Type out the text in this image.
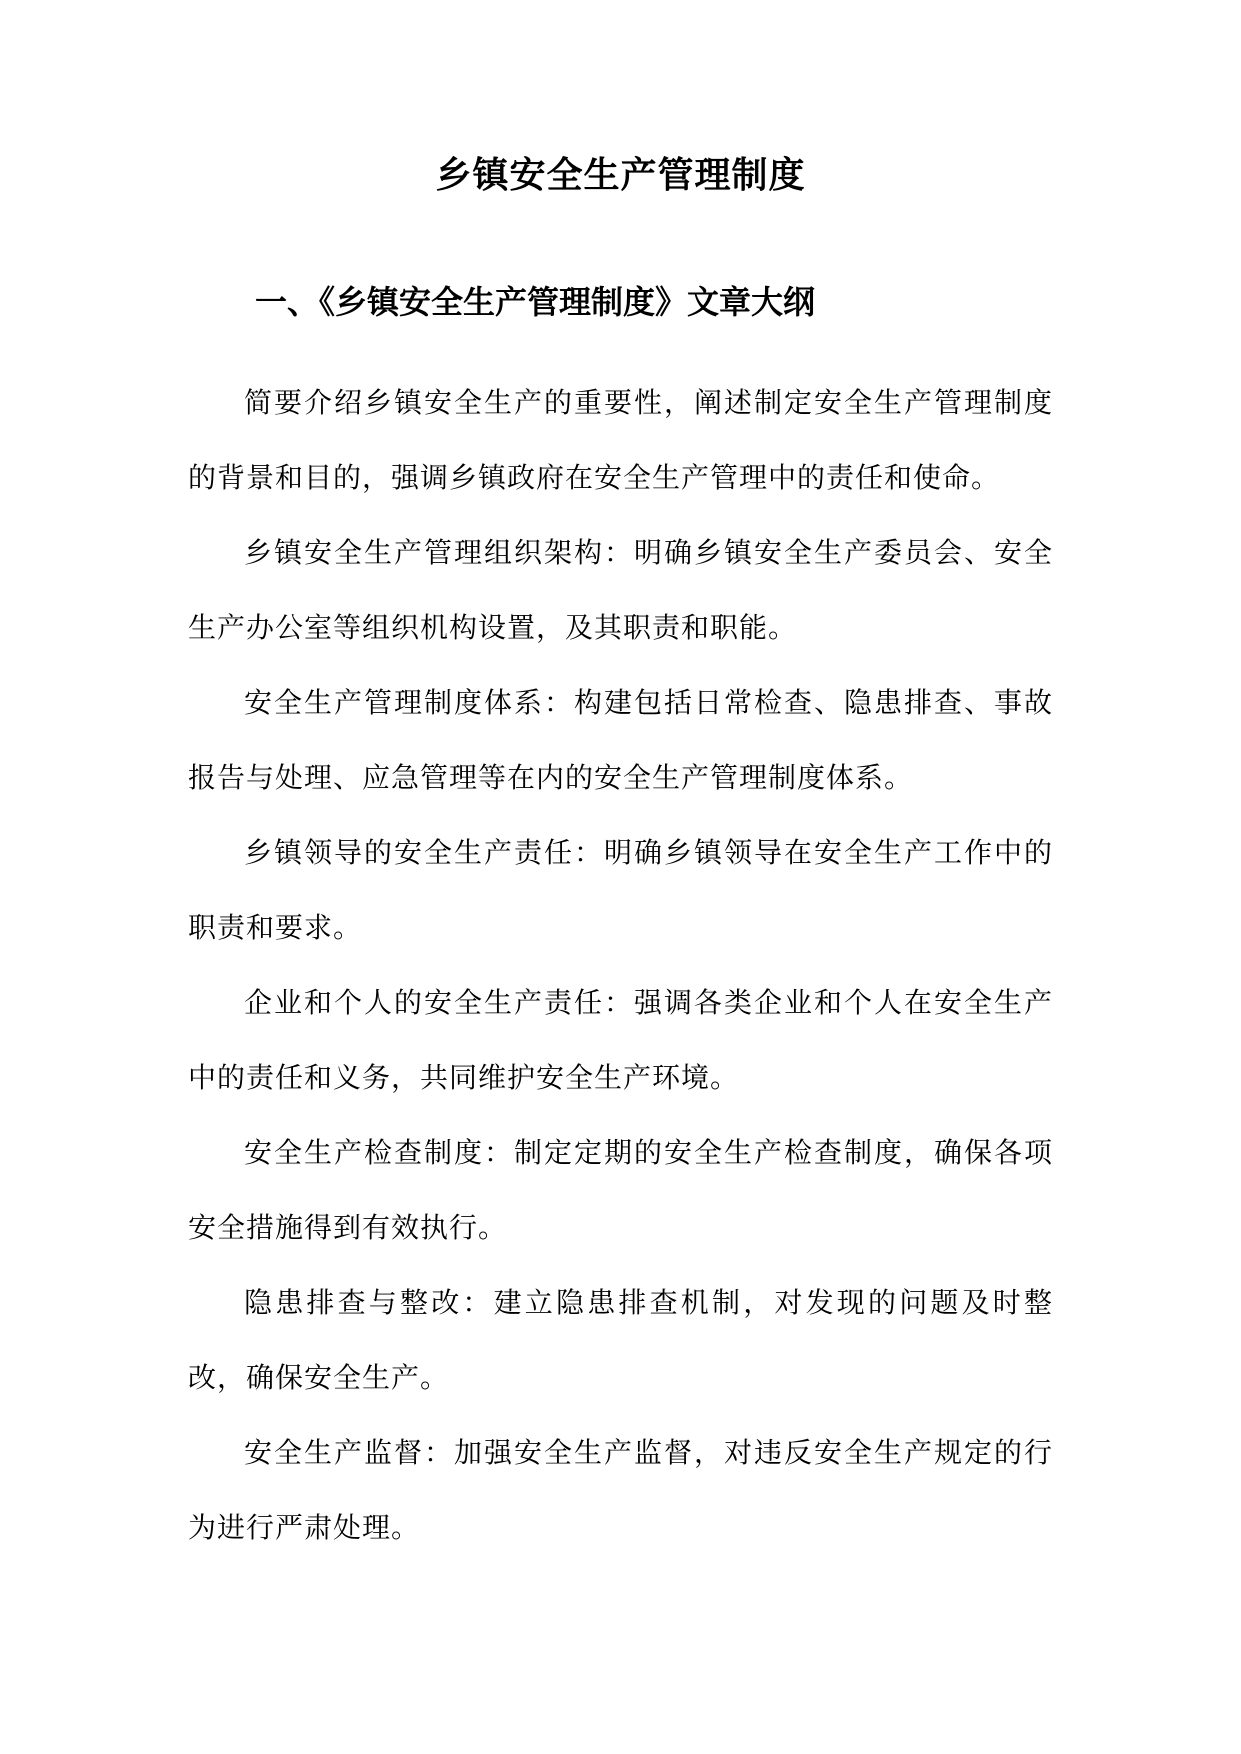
乡镇安全生产管理制度
一、《乡镇安全生产管理制度》文章大纲

简要介绍乡镇安全生产的重要性，阐述制定安全生产管理制度的背景和目的，强调乡镇政府在安全生产管理中的责任和使命。

乡镇安全生产管理组织架构：明确乡镇安全生产委员会、安全生产办公室等组织机构设置，及其职责和职能。

安全生产管理制度体系：构建包括日常检查、隐患排查、事故报告与处理、应急管理等在内的安全生产管理制度体系。

乡镇领导的安全生产责任：明确乡镇领导在安全生产工作中的职责和要求。

企业和个人的安全生产责任：强调各类企业和个人在安全生产中的责任和义务，共同维护安全生产环境。

安全生产检查制度：制定定期的安全生产检查制度，确保各项安全措施得到有效执行。

隐患排查与整改：建立隐患排查机制，对发现的问题及时整改，确保安全生产。

安全生产监督：加强安全生产监督，对违反安全生产规定的行为进行严肃处理。
